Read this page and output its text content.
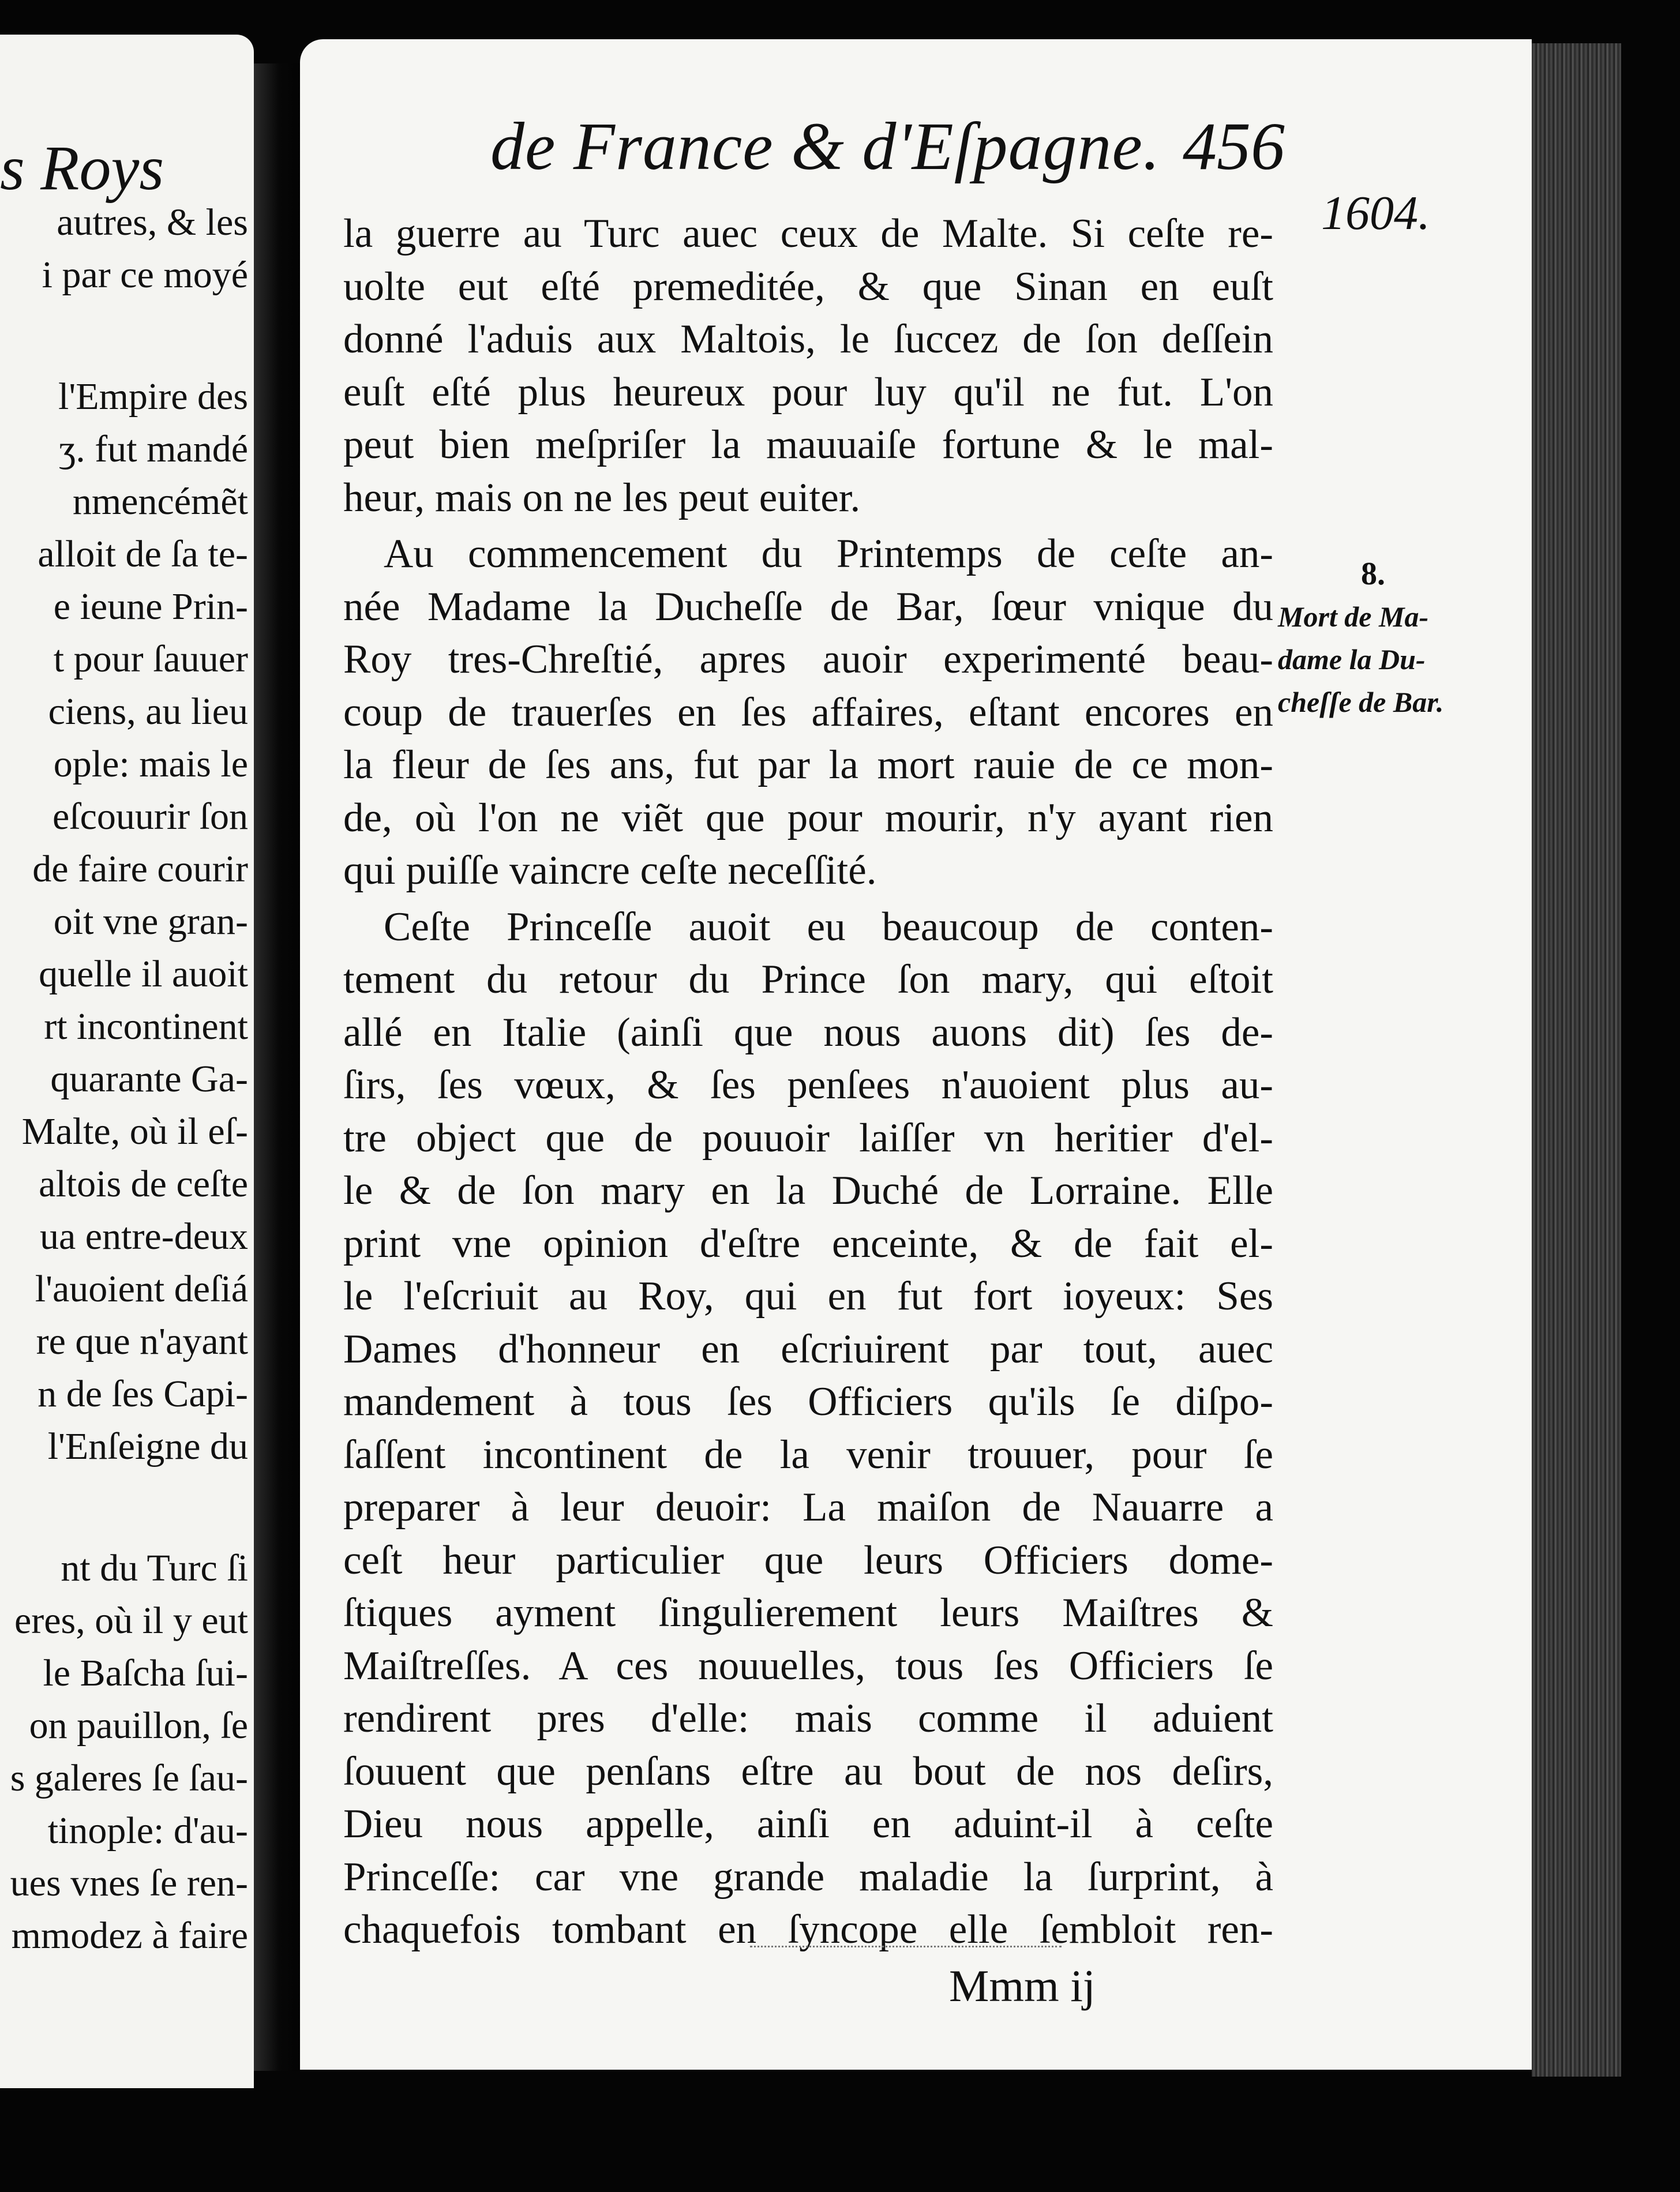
s Roys
autres, & les
i par ce moyé
l'Empire des
ʒ. fut mandé
nmencémẽt
alloit de ſa te-
e ieune Prin-
t pour ſauuer
ciens, au lieu
ople: mais le
eſcouurir ſon
de faire courir
oit vne gran-
quelle il auoit
rt incontinent
quarante Ga-
Malte, où il eſ-
altois de ceſte
ua entre-deux
l'auoient deſiá
re que n'ayant
n de ſes Capi-
l'Enſeigne du
nt du Turc ſi
eres, où il y eut
le Baſcha ſui-
on pauillon, ſe
s galeres ſe ſau-
tinople: d'au-
ues vnes ſe ren-
mmodez à faire
de France & d'Eſpagne. 456
1604.
la guerre au Turc auec ceux de Malte. Si ceſte re-
uolte eut eſté premeditée, & que Sinan en euſt
donné l'aduis aux Maltois, le ſuccez de ſon deſſein
euſt eſté plus heureux pour luy qu'il ne fut. L'on
peut bien meſpriſer la mauuaiſe fortune & le mal-
heur, mais on ne les peut euiter.
Au commencement du Printemps de ceſte an-
née Madame la Ducheſſe de Bar, ſœur vnique du
Roy tres-Chreſtié, apres auoir experimenté beau-
coup de trauerſes en ſes affaires, eſtant encores en
la fleur de ſes ans, fut par la mort rauie de ce mon-
de, où l'on ne viẽt que pour mourir, n'y ayant rien
qui puiſſe vaincre ceſte neceſſité.
Ceſte Princeſſe auoit eu beaucoup de conten-
tement du retour du Prince ſon mary, qui eſtoit
allé en Italie (ainſi que nous auons dit) ſes de-
ſirs, ſes vœux, & ſes penſees n'auoient plus au-
tre object que de pouuoir laiſſer vn heritier d'el-
le & de ſon mary en la Duché de Lorraine. Elle
print vne opinion d'eſtre enceinte, & de fait el-
le l'eſcriuit au Roy, qui en fut fort ioyeux: Ses
Dames d'honneur en eſcriuirent par tout, auec
mandement à tous ſes Officiers qu'ils ſe diſpo-
ſaſſent incontinent de la venir trouuer, pour ſe
preparer à leur deuoir: La maiſon de Nauarre a
ceſt heur particulier que leurs Officiers dome-
ſtiques ayment ſingulierement leurs Maiſtres &
Maiſtreſſes. A ces nouuelles, tous ſes Officiers ſe
rendirent pres d'elle: mais comme il aduient
ſouuent que penſans eſtre au bout de nos deſirs,
Dieu nous appelle, ainſi en aduint-il à ceſte
Princeſſe: car vne grande maladie la ſurprint, à
chaquefois tombant en ſyncope elle ſembloit ren-
8.
Mort de Ma-
dame la Du-
cheſſe de Bar.
Mmm ij
